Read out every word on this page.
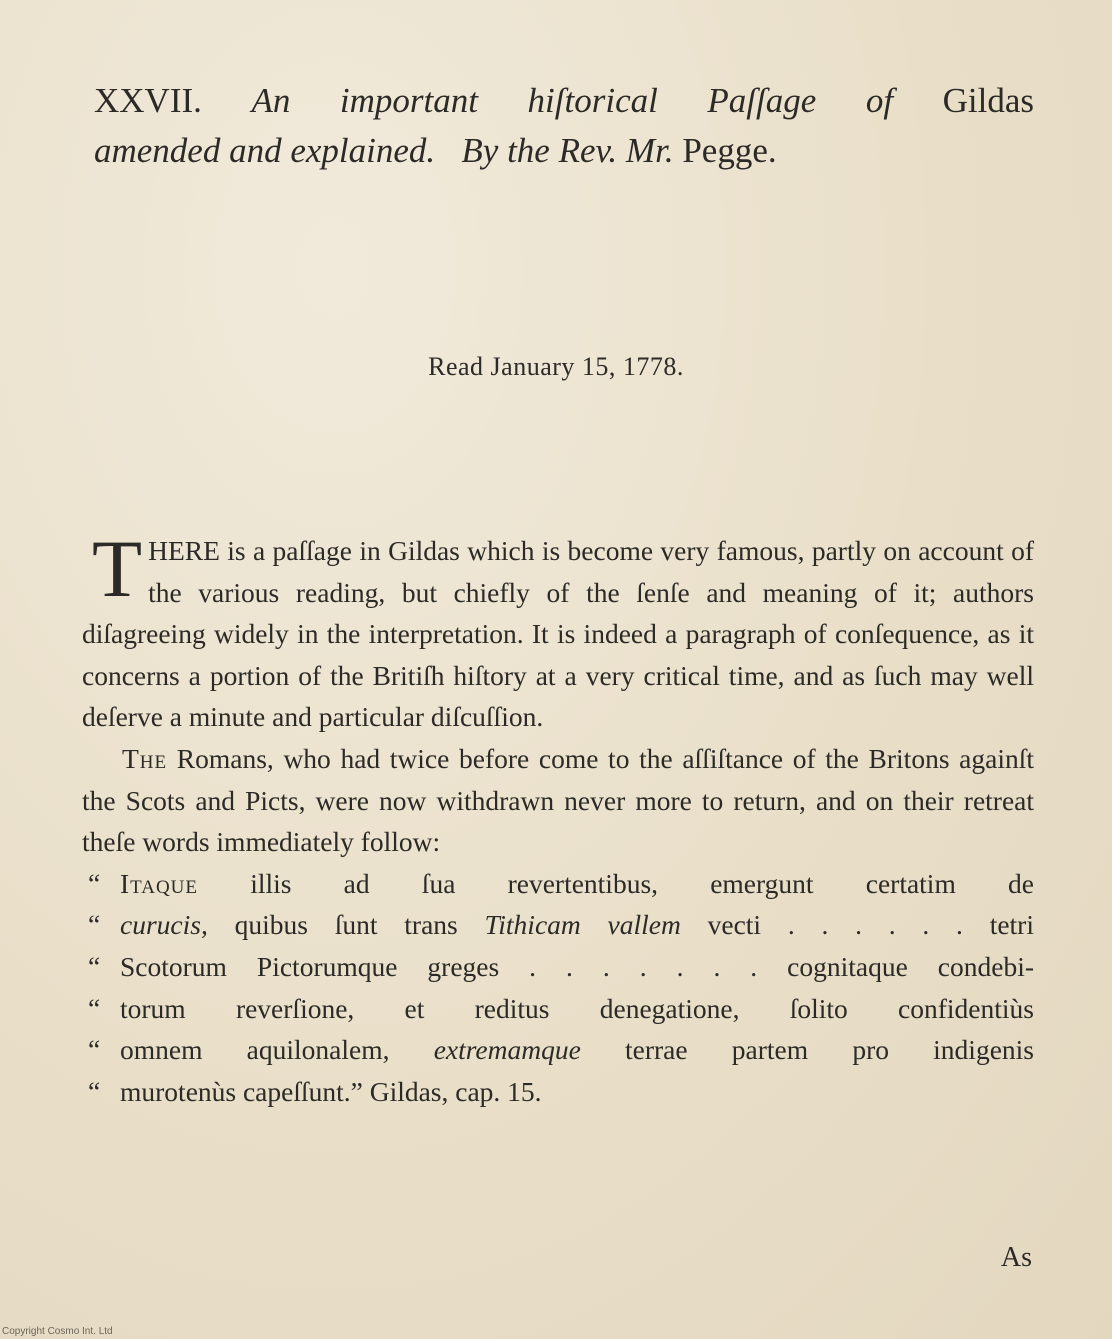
XXVII. An important hiſtorical Paſſage of Gildas
amended and explained. By the Rev. Mr. Pegge.
Read January 15, 1778.

THERE is a paſſage in Gildas which is become very famous, partly on account of the various reading, but chiefly of the ſenſe and meaning of it; authors diſagreeing widely in the interpretation. It is indeed a paragraph of conſequence, as it concerns a portion of the Britiſh hiſtory at a very critical time, and as ſuch may well deſerve a minute and particular diſcuſſion.

The Romans, who had twice before come to the aſſiſtance of the Britons againſt the Scots and Picts, were now withdrawn never more to return, and on their retreat theſe words immediately follow:

“ Itaque illis ad ſua revertentibus, emergunt certatim de
“ curucis, quibus ſunt trans Tithicam vallem vecti . . . . . . tetri
“ Scotorum Pictorumque greges . . . . . . . cognitaque condebi-
“ torum reverſione, et reditus denegatione, ſolito confidentiùs
“ omnem aquilonalem, extremamque terrae partem pro indigenis
“ murotenùs capeſſunt.” Gildas, cap. 15.
As
Copyright Cosmo Int. Ltd
